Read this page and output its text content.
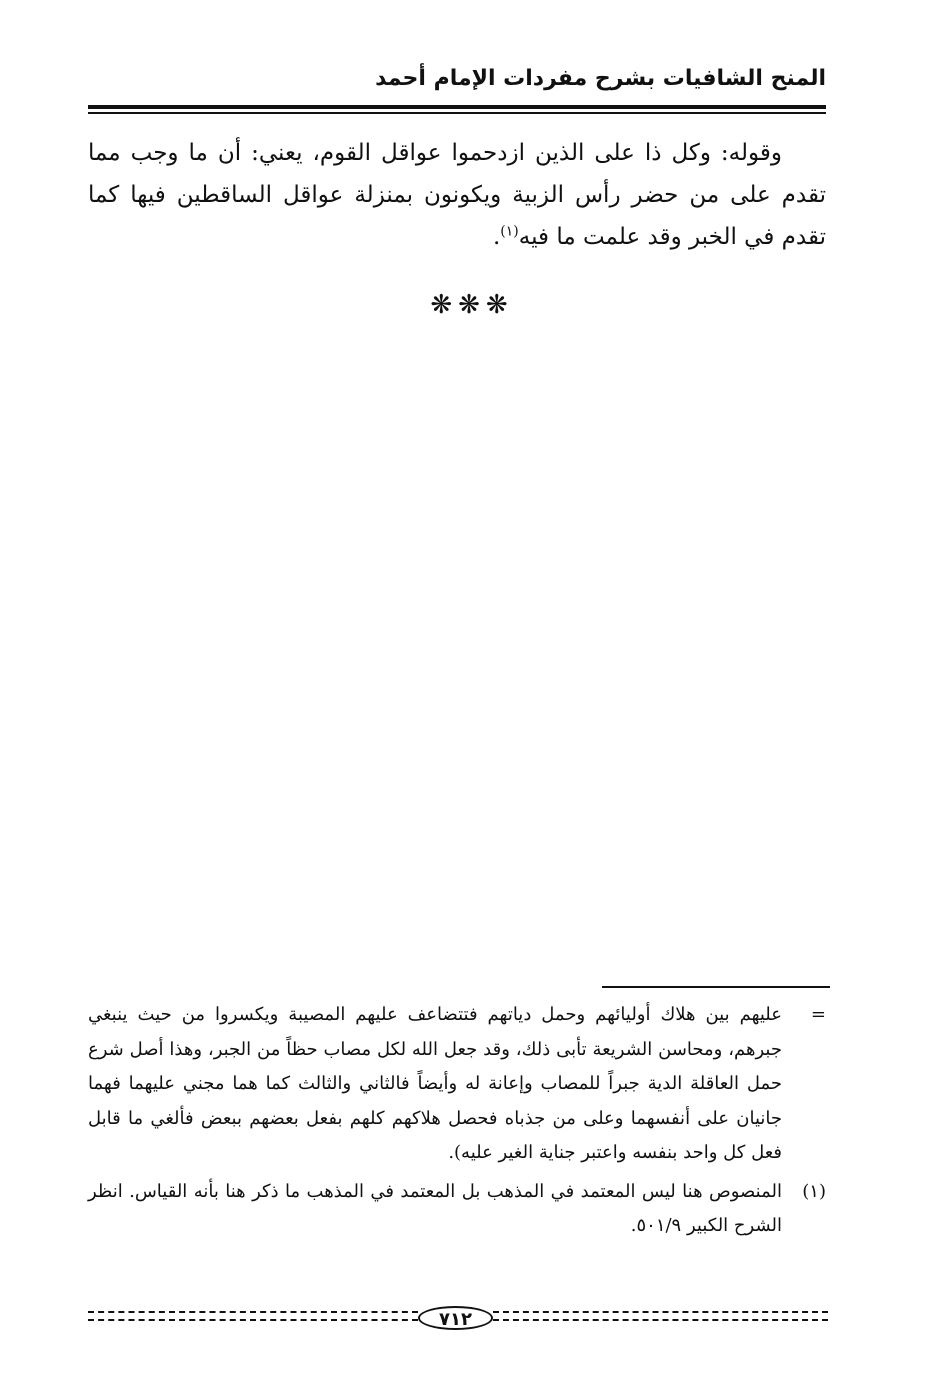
المنح الشافيات بشرح مفردات الإمام أحمد

وقوله: وكل ذا على الذين ازدحموا عواقل القوم، يعني: أن ما وجب مما تقدم على من حضر رأس الزبية ويكونون بمنزلة عواقل الساقطين فيها كما تقدم في الخبر وقد علمت ما فيه$^{(١)}$.

❋❋❋
=
عليهم بين هلاك أوليائهم وحمل دياتهم فتتضاعف عليهم المصيبة ويكسروا من حيث ينبغي جبرهم، ومحاسن الشريعة تأبى ذلك، وقد جعل الله لكل مصاب حظاً من الجبر، وهذا أصل شرع حمل العاقلة الدية جبراً للمصاب وإعانة له وأيضاً فالثاني والثالث كما هما مجني عليهما فهما جانيان على أنفسهما وعلى من جذباه فحصل هلاكهم كلهم بفعل بعضهم ببعض فألغي ما قابل فعل كل واحد بنفسه واعتبر جناية الغير عليه).
(١)
المنصوص هنا ليس المعتمد في المذهب بل المعتمد في المذهب ما ذكر هنا بأنه القياس. انظر الشرح الكبير ٥٠١/٩.
٧١٢
